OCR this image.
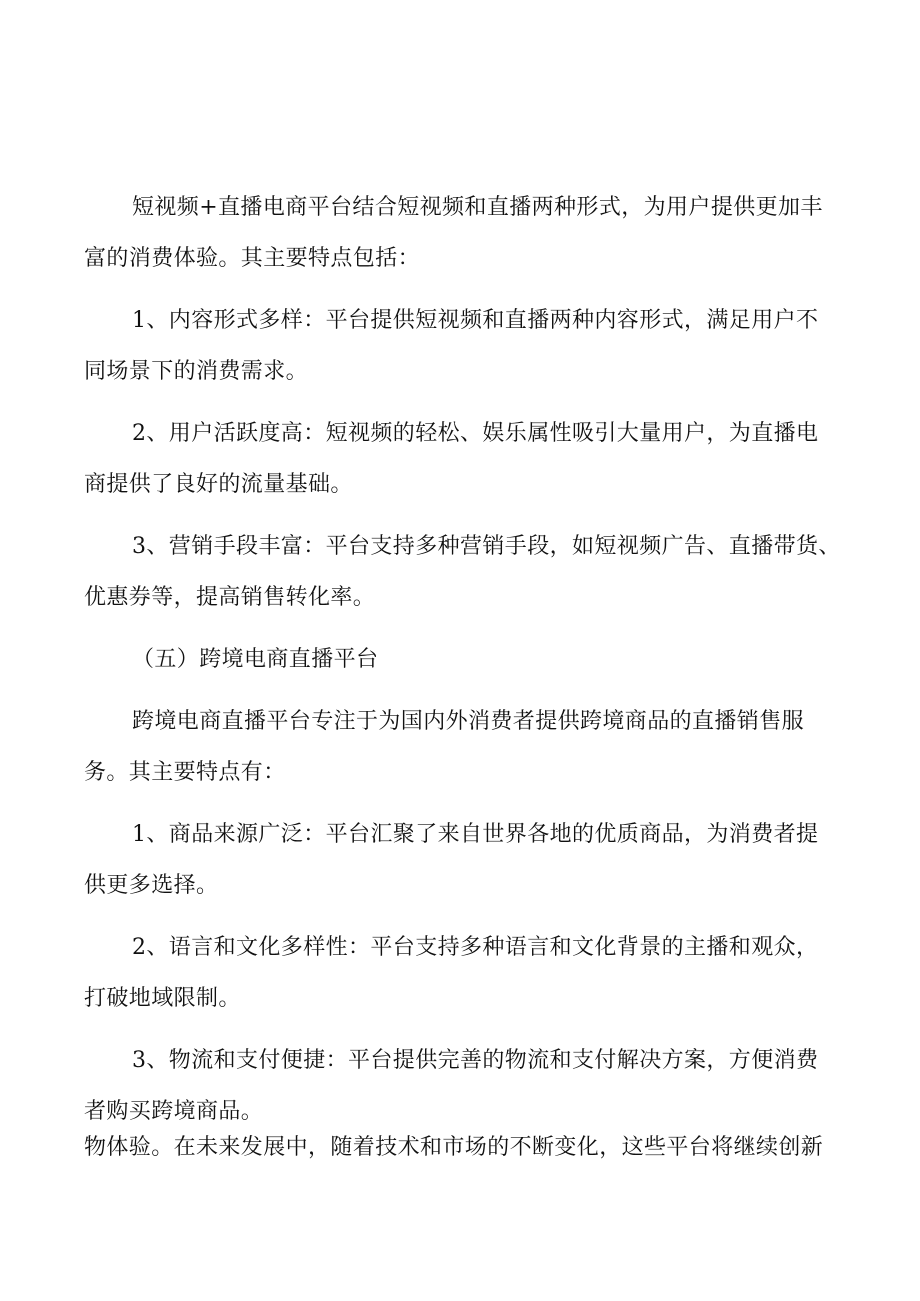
短视频+直播电商平台结合短视频和直播两种形式，为用户提供更加丰
富的消费体验。其主要特点包括：
1、内容形式多样：平台提供短视频和直播两种内容形式，满足用户不
同场景下的消费需求。
2、用户活跃度高：短视频的轻松、娱乐属性吸引大量用户，为直播电
商提供了良好的流量基础。
3、营销手段丰富：平台支持多种营销手段，如短视频广告、直播带货、
优惠券等，提高销售转化率。
（五）跨境电商直播平台
跨境电商直播平台专注于为国内外消费者提供跨境商品的直播销售服
务。其主要特点有：
1、商品来源广泛：平台汇聚了来自世界各地的优质商品，为消费者提
供更多选择。
2、语言和文化多样性：平台支持多种语言和文化背景的主播和观众，
打破地域限制。
3、物流和支付便捷：平台提供完善的物流和支付解决方案，方便消费
者购买跨境商品。
物体验。在未来发展中，随着技术和市场的不断变化，这些平台将继续创新
